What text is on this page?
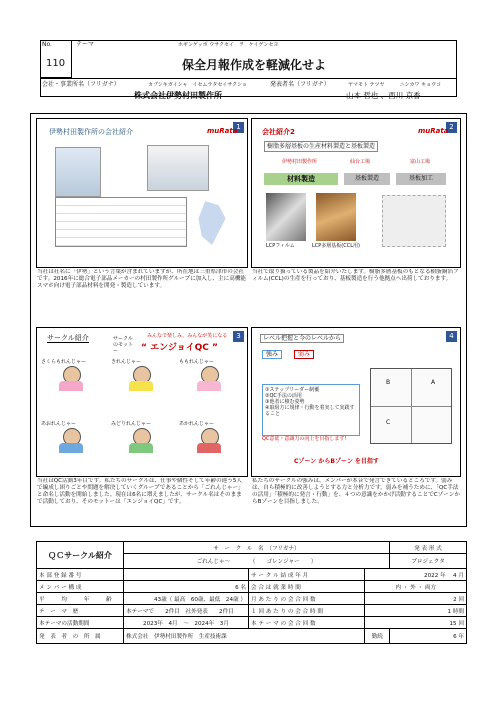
No.
110
テーマ	ホギンゲッポ ウサクセイ　ヲ　ケイゲンセヨ
保全月報作成を軽減化せよ
会社・事業所名（フリガナ）	カブシキガイシャ　イセムラタセイサクショ
株式会社伊勢村田製作所
発表者名（フリガナ）	ヤマモト テツヤ　　　ニシカワ キョウコ
山本 哲也 、西川 京香
1
伊勢村田製作所の会社紹介	muRata
当社は社名に「伊勢」という言葉が含まれていますが、所在地は三重県津市の会社です。2016年に総合電子部品メーカーの村田製作所グループに加入し、主に高機能スマホ向け電子部品材料を開発・製造しています。
2
会社紹介2	muRata
樹脂多層基板の生産材料製造と基板製造
伊勢村田製作所	仙台工場	富山工場
材料製造	基板製造	基板加工
LCPフィルム	LCP多層基板(CCL用)
当社で取り扱っている製品を紹介いたします。樹脂多層基板のもとなる樹脂銅箔フィルム(CCL)の生産を行っており、基板製造を行う他拠点へ出荷しております。
3
サークル紹介	サークルのモットー
みんなで楽しみ、みんなが笑になる
“ エンジョイQC ”
さくらもれんじゃー	きれんじゃー	ももれんじゃー
あおれんじゃー	みどりれんじゃー	あかれんじゃー
当社はQC活動3年目です。私たちのサークルは、仕事や個性そして年齢の違う5人で編成し困りごとや問題を解決していくグループであることから「ごれんじゃー」と命名し活動を開始しました。現在は6名に増えましたが、サークル名はそのままで活動しており、そのモットーは「エンジョイQC」です。
4
レベル把握と今のレベルから
強み	弱み
①ステップリーダー制覆
②QC手法の活用
③他者に積む姿勢
④取組方に規律・行動を着実して実践すること
QC意欲・意識力の向上を目指します!
A
B
C
Cゾーン からBゾーン を目指す
私たちのサークルの強みは、メンバーが本音で発言できているところです。弱みは、自ら積極的に改善しようとする力と分析力です。弱みを補うために、「QC手法の活用」「積極的に発言・行動」を、４つの意識をかかげ活動することでCゾーンからBゾーンを目指しました。
ＱＣサークル紹介	サ　ー　ク　ル　名　（フリガナ）			発 表 形 式
	ごれんじゃ〜　　　　（　　ゴレンジャー　　）			プロジェクタ
本 部 登 録 番 号		サ ー ク ル 結 成 年 月	2022 年　 4 月	
メ ン バ ー 構 成	6 名	会 合 は 就 業 時 間	内 ・ 外 ・ 両方	
平　　　均　　　年　　　齢	43歳（ 最高　60歳、最低　24歳 ）	月 あ た り の 会 合 回 数	2 回	
テ　ー　マ　歴	本テーマで　　2件目　社外発表　　2件目	１ 回 あ た り の 会 合 時 間	1 時間	
本テーマの活動期間	2023年　4月　〜　2024年　3月	本 テ ー マ の 会 合 回 数	15 回	
発　表　者　の　所　属	株式会社　伊勢村田製作所　生産技術課		勤続	6 年
